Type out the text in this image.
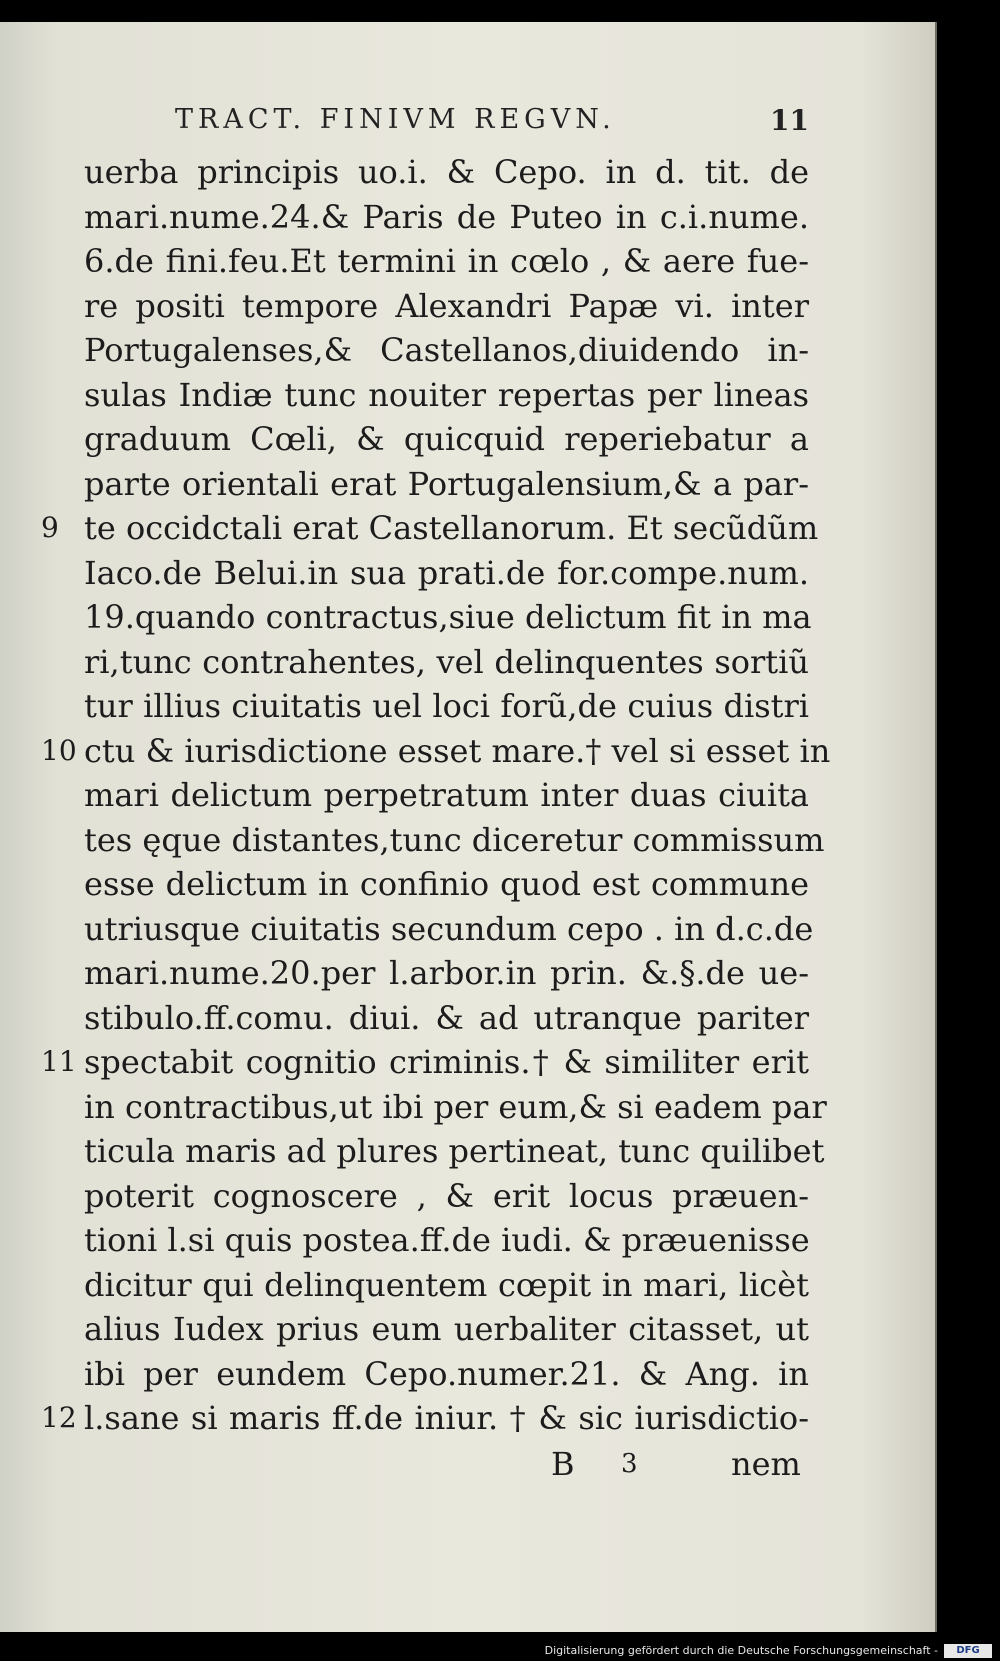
TRACT. FINIVM REGVN.	11
uerba principis uo.i. & Cepo. in d. tit. de
mari.nume.24.& Paris de Puteo in c.i.nume.
6.de fini.feu.Et termini in cœlo , & aere fue-
re positi tempore Alexandri Papæ vi. inter
Portugalenses,& Castellanos,diuidendo in-
sulas Indiæ tunc nouiter repertas per lineas
graduum Cœli, & quicquid reperiebatur a
parte orientali erat Portugalensium,& a par-
9 te occidctali erat Castellanorum. Et secũdũm
Iaco.de Belui.in sua prati.de for.compe.num.
19.quando contractus,siue delictum fit in ma
ri,tunc contrahentes, vel delinquentes sortiũ
tur illius ciuitatis uel loci forũ,de cuius distri
10 ctu & iurisdictione esset mare.† vel si esset in
mari delictum perpetratum inter duas ciuita
tes ęque distantes,tunc diceretur commissum
esse delictum in confinio quod est commune
utriusque ciuitatis secundum cepo . in d.c.de
mari.nume.20.per l.arbor.in prin. &.§.de ue-
stibulo.ff.comu. diui. & ad utranque pariter
11 spectabit cognitio criminis.† & similiter erit
in contractibus,ut ibi per eum,& si eadem par
ticula maris ad plures pertineat, tunc quilibet
poterit cognoscere , & erit locus præuen-
tioni l.si quis postea.ff.de iudi. & præuenisse
dicitur qui delinquentem cœpit in mari, licèt
alius Iudex prius eum uerbaliter citasset, ut
ibi per eundem Cepo.numer.21. & Ang. in
12 l.sane si maris ff.de iniur. † & sic iurisdictio-
B 3	nem
Digitalisierung gefördert durch die Deutsche Forschungsgemeinschaft -	DFG
